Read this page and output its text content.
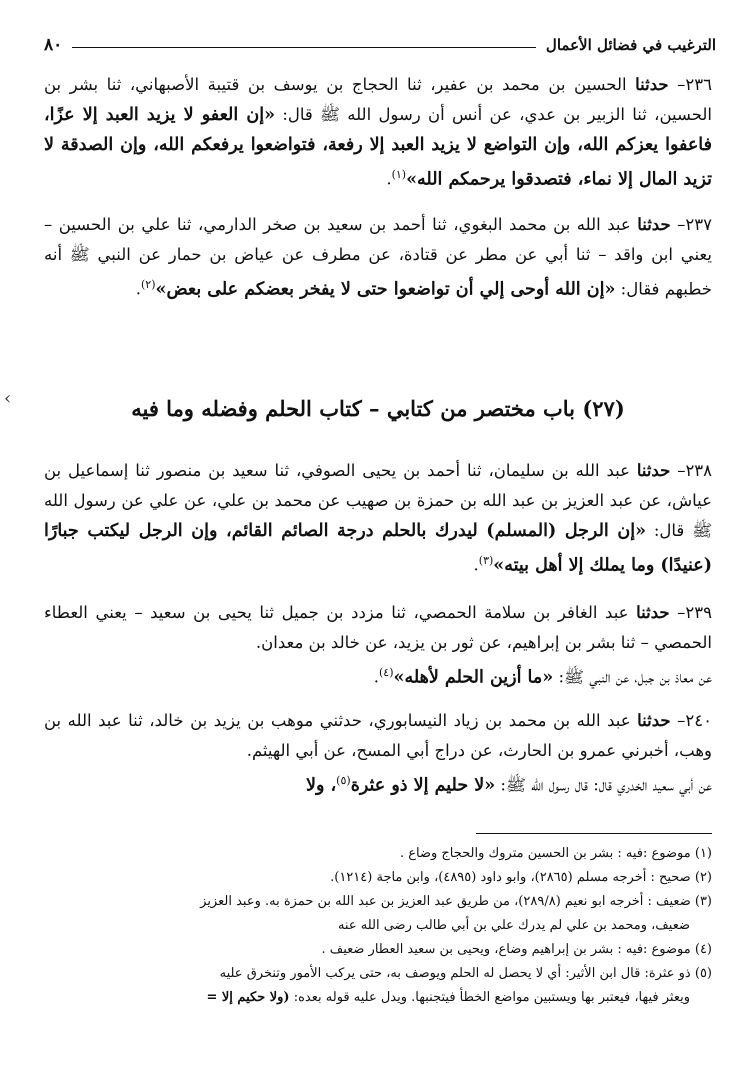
الترغيب في فضائل الأعمال
٨٠

٢٣٦– حدثنا الحسين بن محمد بن عفير، ثنا الحجاج بن يوسف بن قتيبة الأصبهاني، ثنا بشر بن الحسين، ثنا الزبير بن عدي، عن أنس أن رسول الله ﷺ قال: «إن العفو لا يزيد العبد إلا عزًا، فاعفوا يعزكم الله، وإن التواضع لا يزيد العبد إلا رفعة، فتواضعوا يرفعكم الله، وإن الصدقة لا تزيد المال إلا نماء، فتصدقوا يرحمكم الله»$^{(١)}$.

٢٣٧– حدثنا عبد الله بن محمد البغوي، ثنا أحمد بن سعيد بن صخر الدارمي، ثنا علي بن الحسين – يعني ابن واقد – ثنا أبي عن مطر عن قتادة، عن مطرف عن عياض بن حمار عن النبي ﷺ أنه خطبهم فقال: «إن الله أوحى إلي أن تواضعوا حتى لا يفخر بعضكم على بعض»$^{(٢)}$.

›	(٢٧) باب مختصر من كتابي – كتاب الحلم وفضله وما فيه

٢٣٨– حدثنا عبد الله بن سليمان، ثنا أحمد بن يحيى الصوفي، ثنا سعيد بن منصور ثنا إسماعيل بن عياش، عن عبد العزيز بن عبد الله بن حمزة بن صهيب عن محمد بن علي، عن علي عن رسول الله ﷺ قال: «إن الرجل (المسلم) ليدرك بالحلم درجة الصائم القائم، وإن الرجل ليكتب جبارًا (عنيدًا) وما يملك إلا أهل بيته»$^{(٣)}$.

٢٣٩– حدثنا عبد الغافر بن سلامة الحمصي، ثنا مزدد بن جميل ثنا يحيى بن سعيد – يعني العطاء الحمصي – ثنا بشر بن إبراهيم، عن ثور بن يزيد، عن خالد بن معدان.

عن معاذ بن جبل، عن النبي ﷺ: «ما أزين الحلم لأهله»$^{(٤)}$.

٢٤٠– حدثنا عبد الله بن محمد بن زياد النيسابوري، حدثني موهب بن يزيد بن خالد، ثنا عبد الله بن وهب، أخبرني عمرو بن الحارث، عن دراج أبي المسح، عن أبي الهيثم.

عن أبي سعيد الخدري قال: قال رسول الله ﷺ: «لا حليم إلا ذو عثرة$^{(٥)}$، ولا

(١) موضوع :فيه : بشر بن الحسين متروك والحجاج وضاع .

(٢) صحيح : أخرجه مسلم (٢٨٦٥)، وابو داود (٤٨٩٥)، وابن ماجة (١٢١٤).

(٣) ضعيف : أخرجه ابو نعيم (٢٨٩/٨)، من طريق عبد العزيز بن عبد الله بن حمزة به. وعبد العزيز

ضعيف، ومحمد بن علي لم يدرك علي بن أبي طالب رضى الله عنه

(٤) موضوع :فيه : بشر بن إبراهيم وضاع، ويحيى بن سعيد العطار ضعيف .

(٥) ذو عثرة: قال ابن الأثير: أي لا يحصل له الحلم ويوصف به، حتى يركب الأمور وتنخرق عليه

ويعثر فيها، فيعتبر بها ويستبين مواضع الخطأ فيتجنبها. ويدل عليه قوله بعده: (ولا حكيم إلا =
